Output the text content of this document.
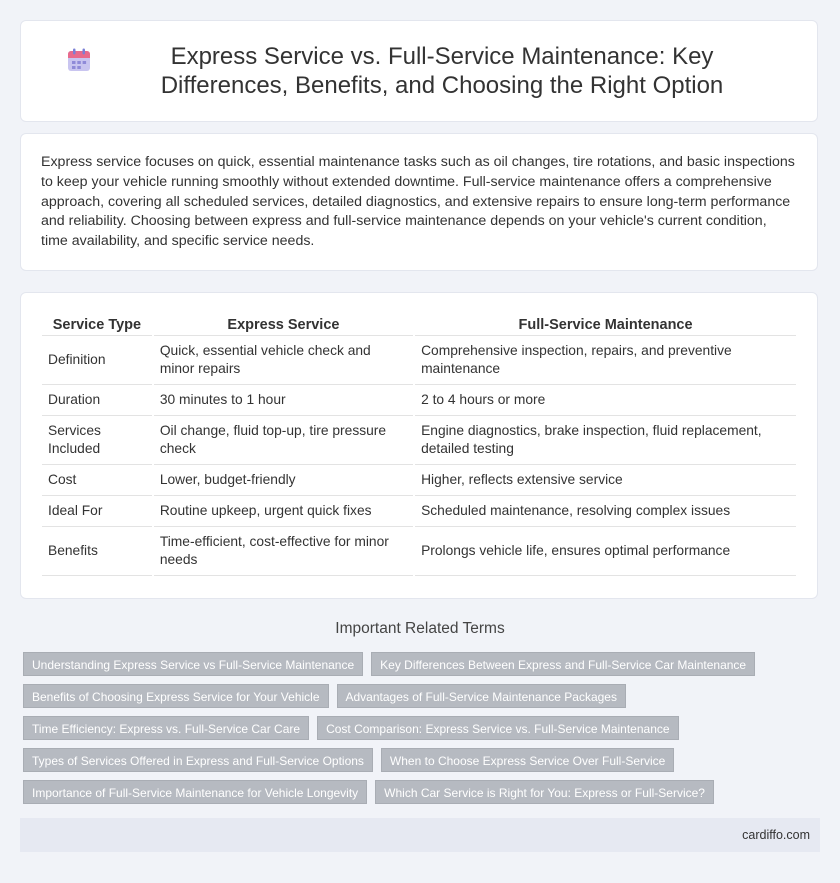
Express Service vs. Full-Service Maintenance: Key Differences, Benefits, and Choosing the Right Option

Express service focuses on quick, essential maintenance tasks such as oil changes, tire rotations, and basic inspections to keep your vehicle running smoothly without extended downtime. Full-service maintenance offers a comprehensive approach, covering all scheduled services, detailed diagnostics, and extensive repairs to ensure long-term performance and reliability. Choosing between express and full-service maintenance depends on your vehicle's current condition, time availability, and specific service needs.

Service Type	Express Service	Full-Service Maintenance
Definition	Quick, essential vehicle check and minor repairs	Comprehensive inspection, repairs, and preventive maintenance
Duration	30 minutes to 1 hour	2 to 4 hours or more
Services Included	Oil change, fluid top-up, tire pressure check	Engine diagnostics, brake inspection, fluid replacement, detailed testing
Cost	Lower, budget-friendly	Higher, reflects extensive service
Ideal For	Routine upkeep, urgent quick fixes	Scheduled maintenance, resolving complex issues
Benefits	Time-efficient, cost-effective for minor needs	Prolongs vehicle life, ensures optimal performance
Important Related Terms
Understanding Express Service vs Full-Service Maintenance	Key Differences Between Express and Full-Service Car Maintenance
Benefits of Choosing Express Service for Your Vehicle	Advantages of Full-Service Maintenance Packages
Time Efficiency: Express vs. Full-Service Car Care	Cost Comparison: Express Service vs. Full-Service Maintenance
Types of Services Offered in Express and Full-Service Options	When to Choose Express Service Over Full-Service
Importance of Full-Service Maintenance for Vehicle Longevity	Which Car Service is Right for You: Express or Full-Service?
cardiffo.com
